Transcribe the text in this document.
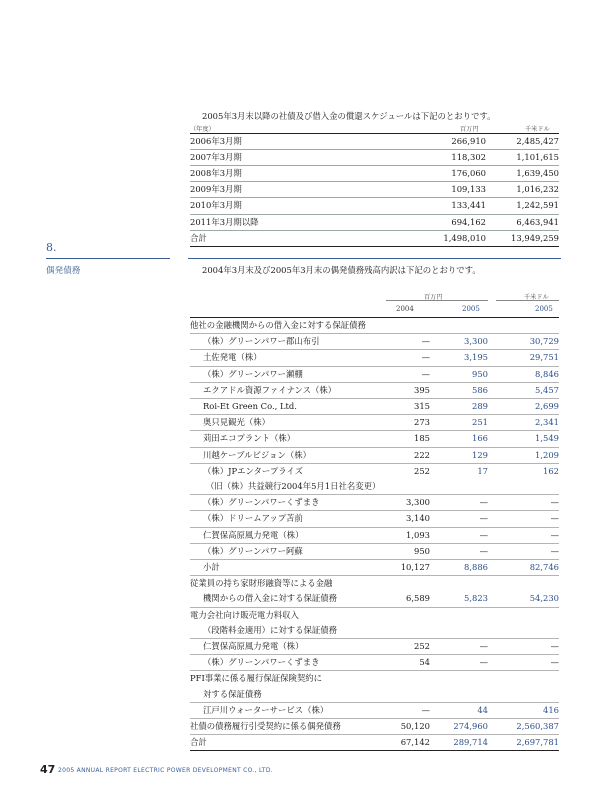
2005年3月末以降の社債及び借入金の償還スケジュールは下記のとおりです。
（年度）	百万円	千米ドル
2006年3月期	266,910	2,485,427
2007年3月期	118,302	1,101,615
2008年3月期	176,060	1,639,450
2009年3月期	109,133	1,016,232
2010年3月期	133,441	1,242,591
2011年3月期以降	694,162	6,463,941
合計	1,498,010	13,949,259
8.
偶発債務	2004年3月末及び2005年3月末の偶発債務残高内訳は下記のとおりです。
百万円	千米ドル
2004	2005	2005
他社の金融機関からの借入金に対する保証債務			
（株）グリーンパワー郡山布引	—	3,300	30,729
土佐発電（株）	—	3,195	29,751
（株）グリーンパワー瀬棚	—	950	8,846
エクアドル資源ファイナンス（株）	395	586	5,457
Roi-Et Green Co., Ltd.	315	289	2,699
奥只見観光（株）	273	251	2,341
苅田エコプラント（株）	185	166	1,549
川越ケーブルビジョン（株）	222	129	1,209
（株）JPエンタープライズ	252	17	162
（旧（株）共益競行2004年5月1日社名変更）			
（株）グリーンパワーくずまき	3,300	—	—
（株）ドリームアップ苫前	3,140	—	—
仁賀保高原風力発電（株）	1,093	—	—
（株）グリーンパワー阿蘇	950	—	—
小計	10,127	8,886	82,746
従業員の持ち家財形融資等による金融			
機関からの借入金に対する保証債務	6,589	5,823	54,230
電力会社向け販売電力料収入			
（段階料金適用）に対する保証債務			
仁賀保高原風力発電（株）	252	—	—
（株）グリーンパワーくずまき	54	—	—
PFI事業に係る履行保証保険契約に			
対する保証債務			
江戸川ウォーターサービス（株）	—	44	416
社債の債務履行引受契約に係る偶発債務	50,120	274,960	2,560,387
合計	67,142	289,714	2,697,781
47 2005 ANNUAL REPORT ELECTRIC POWER DEVELOPMENT CO., LTD.
